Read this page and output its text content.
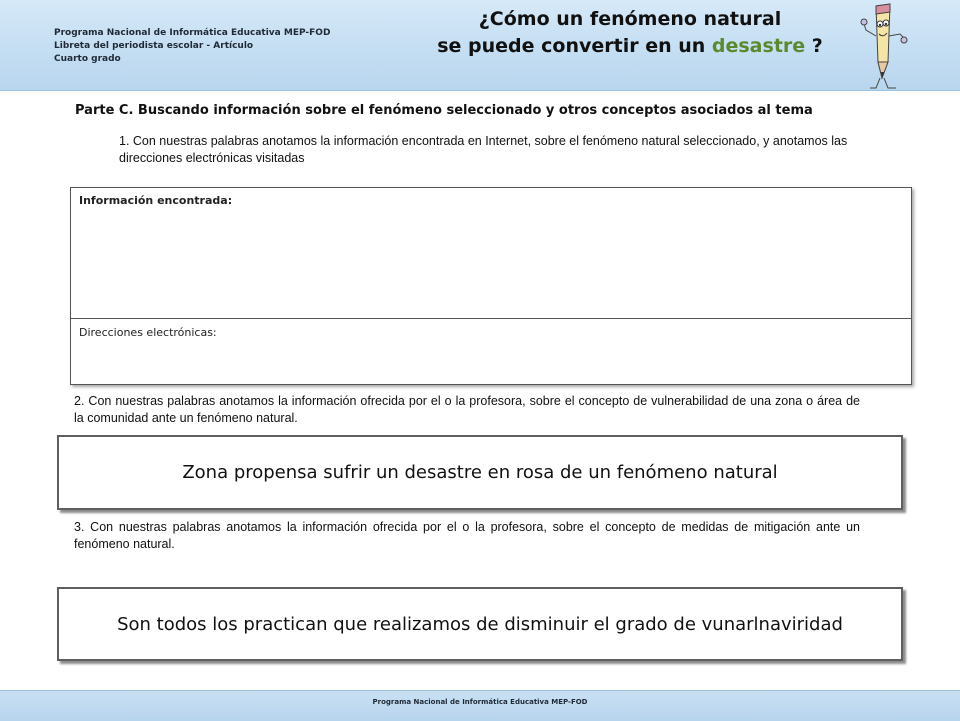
Programa Nacional de Informática Educativa MEP-FOD
Libreta del periodista escolar - Artículo
Cuarto grado
¿Cómo un fenómeno natural
se puede convertir en un desastre ?
Parte C. Buscando información sobre el fenómeno seleccionado y otros conceptos asociados al tema
1. Con nuestras palabras anotamos la información encontrada en Internet, sobre el fenómeno natural seleccionado, y anotamos las direcciones electrónicas visitadas
Información encontrada:
Direcciones electrónicas:
2. Con nuestras palabras anotamos la información ofrecida por el o la profesora, sobre el concepto de vulnerabilidad de una zona o área de la comunidad ante un fenómeno natural.
Zona propensa sufrir un desastre en rosa de un fenómeno natural
3. Con nuestras palabras anotamos la información ofrecida por el o la profesora, sobre el concepto de medidas de mitigación ante un fenómeno natural.
Son todos los practican que realizamos de disminuir el grado de vunarlnaviridad
Programa Nacional de Informática Educativa MEP-FOD
